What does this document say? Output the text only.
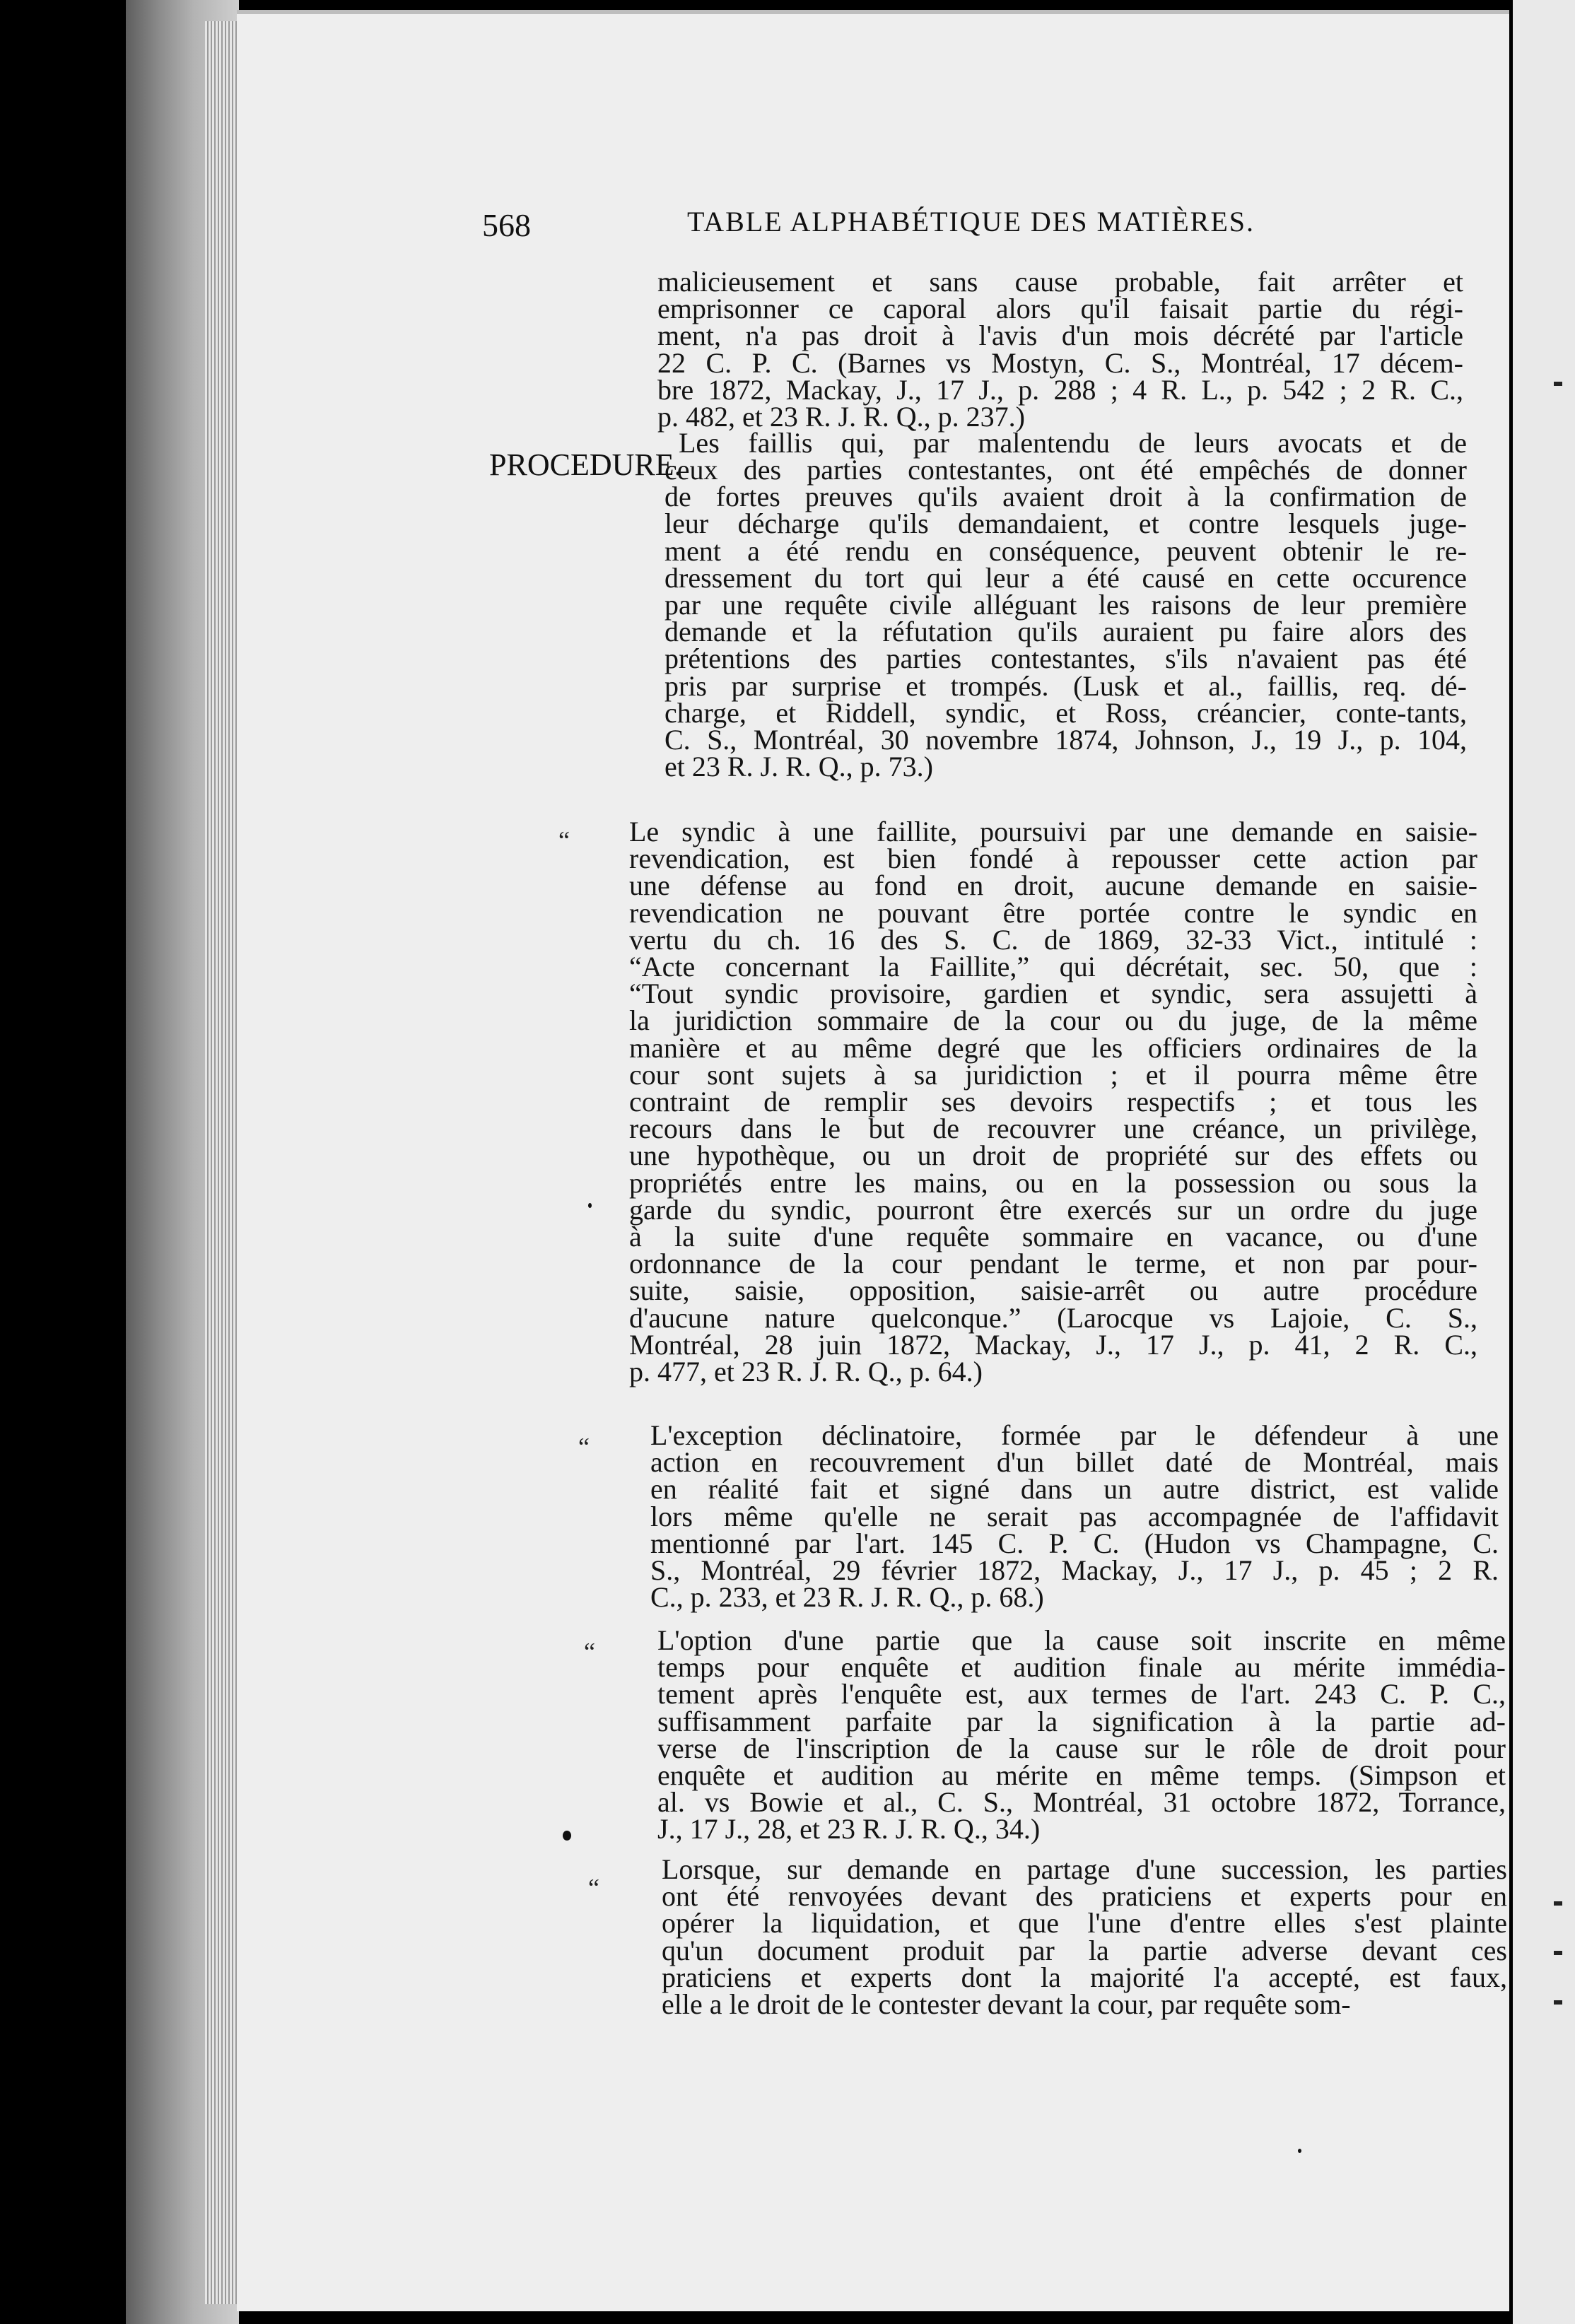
568	TABLE ALPHABÉTIQUE DES MATIÈRES.
malicieusement et sans cause probable, fait arrêter et
emprisonner ce caporal alors qu'il faisait partie du régi-
ment, n'a pas droit à l'avis d'un mois décrété par l'article
22 C. P. C. (Barnes vs Mostyn, C. S., Montréal, 17 décem-
bre 1872, Mackay, J., 17 J., p. 288 ; 4 R. L., p. 542 ; 2 R. C.,
p. 482, et 23 R. J. R. Q., p. 237.)
PROCEDURE.
Les faillis qui, par malentendu de leurs avocats et de
ceux des parties contestantes, ont été empêchés de donner
de fortes preuves qu'ils avaient droit à la confirmation de
leur décharge qu'ils demandaient, et contre lesquels juge-
ment a été rendu en conséquence, peuvent obtenir le re-
dressement du tort qui leur a été causé en cette occurence
par une requête civile alléguant les raisons de leur première
demande et la réfutation qu'ils auraient pu faire alors des
prétentions des parties contestantes, s'ils n'avaient pas été
pris par surprise et trompés. (Lusk et al., faillis, req. dé-
charge, et Riddell, syndic, et Ross, créancier, conte-tants,
C. S., Montréal, 30 novembre 1874, Johnson, J., 19 J., p. 104,
et 23 R. J. R. Q., p. 73.)
“ Le syndic à une faillite, poursuivi par une demande en saisie-
revendication, est bien fondé à repousser cette action par
une défense au fond en droit, aucune demande en saisie-
revendication ne pouvant être portée contre le syndic en
vertu du ch. 16 des S. C. de 1869, 32-33 Vict., intitulé :
“Acte concernant la Faillite,” qui décrétait, sec. 50, que :
“Tout syndic provisoire, gardien et syndic, sera assujetti à
la juridiction sommaire de la cour ou du juge, de la même
manière et au même degré que les officiers ordinaires de la
cour sont sujets à sa juridiction ; et il pourra même être
contraint de remplir ses devoirs respectifs ; et tous les
recours dans le but de recouvrer une créance, un privilège,
une hypothèque, ou un droit de propriété sur des effets ou
propriétés entre les mains, ou en la possession ou sous la
garde du syndic, pourront être exercés sur un ordre du juge
à la suite d'une requête sommaire en vacance, ou d'une
ordonnance de la cour pendant le terme, et non par pour-
suite, saisie, opposition, saisie-arrêt ou autre procédure
d'aucune nature quelconque.” (Larocque vs Lajoie, C. S.,
Montréal, 28 juin 1872, Mackay, J., 17 J., p. 41, 2 R. C.,
p. 477, et 23 R. J. R. Q., p. 64.)
“ L'exception déclinatoire, formée par le défendeur à une
action en recouvrement d'un billet daté de Montréal, mais
en réalité fait et signé dans un autre district, est valide
lors même qu'elle ne serait pas accompagnée de l'affidavit
mentionné par l'art. 145 C. P. C. (Hudon vs Champagne, C.
S., Montréal, 29 février 1872, Mackay, J., 17 J., p. 45 ; 2 R.
C., p. 233, et 23 R. J. R. Q., p. 68.)
“ L'option d'une partie que la cause soit inscrite en même
temps pour enquête et audition finale au mérite immédia-
tement après l'enquête est, aux termes de l'art. 243 C. P. C.,
suffisamment parfaite par la signification à la partie ad-
verse de l'inscription de la cause sur le rôle de droit pour
enquête et audition au mérite en même temps. (Simpson et
al. vs Bowie et al., C. S., Montréal, 31 octobre 1872, Torrance,
J., 17 J., 28, et 23 R. J. R. Q., 34.)
“
Lorsque, sur demande en partage d'une succession, les parties
ont été renvoyées devant des praticiens et experts pour en
opérer la liquidation, et que l'une d'entre elles s'est plainte
qu'un document produit par la partie adverse devant ces
praticiens et experts dont la majorité l'a accepté, est faux,
elle a le droit de le contester devant la cour, par requête som-
